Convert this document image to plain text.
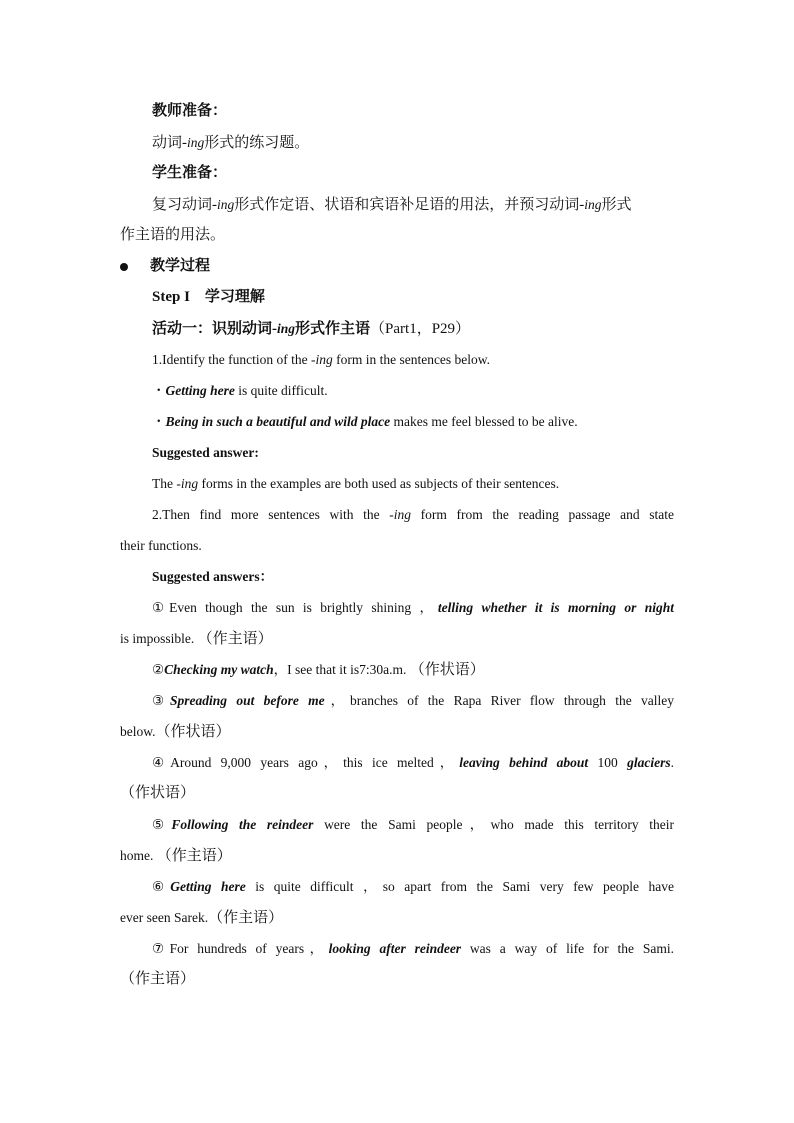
教师准备：
动词-ing形式的练习题。
学生准备：
复习动词-ing形式作定语、状语和宾语补足语的用法，并预习动词-ing形式
作主语的用法。
教学过程
Step I　学习理解
活动一：识别动词-ing形式作主语（Part1，P29）
1.Identify the function of the -ing form in the sentences below.
・Getting here is quite difficult.
・Being in such a beautiful and wild place makes me feel blessed to be alive.
Suggested answer:
The -ing forms in the examples are both used as subjects of their sentences.
2.Then find more sentences with the -ing form from the reading passage and state
their functions.
Suggested answers：
①Even though the sun is brightly shining ，telling whether it is morning or night
is impossible. （作主语）
②Checking my watch，I see that it is7:30a.m. （作状语）
③Spreading out before me，branches of the Rapa River flow through the valley
below.（作状语）
④Around 9,000 years ago，this ice melted，leaving behind about 100 glaciers.
（作状语）
⑤Following the reindeer were the Sami people，who made this territory their
home. （作主语）
⑥Getting here is quite difficult ，so apart from the Sami very few people have
ever seen Sarek.（作主语）
⑦For hundreds of years，looking after reindeer was a way of life for the Sami.
（作主语）
